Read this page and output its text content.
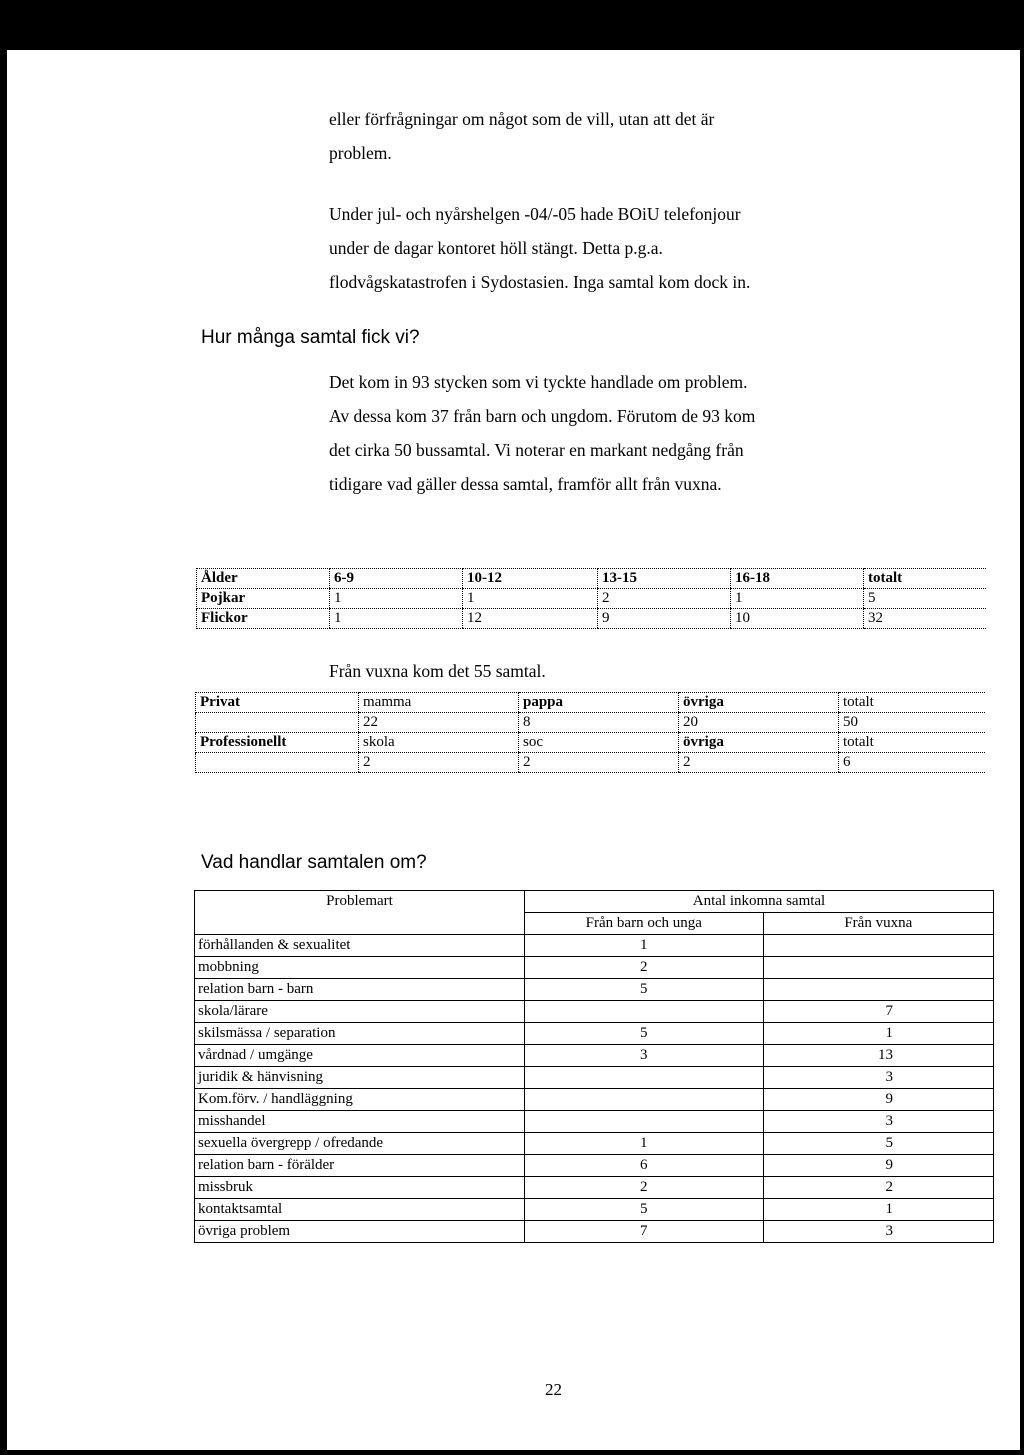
eller förfrågningar om något som de vill, utan att det är
problem.
Under jul- och nyårshelgen -04/-05 hade BOiU telefonjour
under de dagar kontoret höll stängt. Detta p.g.a.
flodvågskatastrofen i Sydostasien. Inga samtal kom dock in.
Hur många samtal fick vi?
Det kom in 93 stycken som vi tyckte handlade om problem.
Av dessa kom 37 från barn och ungdom. Förutom de 93 kom
det cirka 50 bussamtal. Vi noterar en markant nedgång från
tidigare vad gäller dessa samtal, framför allt från vuxna.
Ålder	6-9	10-12	13-15	16-18	totalt
Pojkar	1	1	2	1	5
Flickor	1	12	9	10	32
Från vuxna kom det 55 samtal.
Privat	mamma	pappa	övriga	totalt
	22	8	20	50
Professionellt	skola	soc	övriga	totalt
	2	2	2	6
Vad handlar samtalen om?
Problemart	Antal inkomna samtal	
	Från barn och unga	Från vuxna
förhållanden & sexualitet	1	
mobbning	2	
relation barn - barn	5	
skola/lärare		7
skilsmässa / separation	5	1
vårdnad / umgänge	3	13
juridik & hänvisning		3
Kom.förv. / handläggning		9
misshandel		3
sexuella övergrepp / ofredande	1	5
relation barn - förälder	6	9
missbruk	2	2
kontaktsamtal	5	1
övriga problem	7	3
22
